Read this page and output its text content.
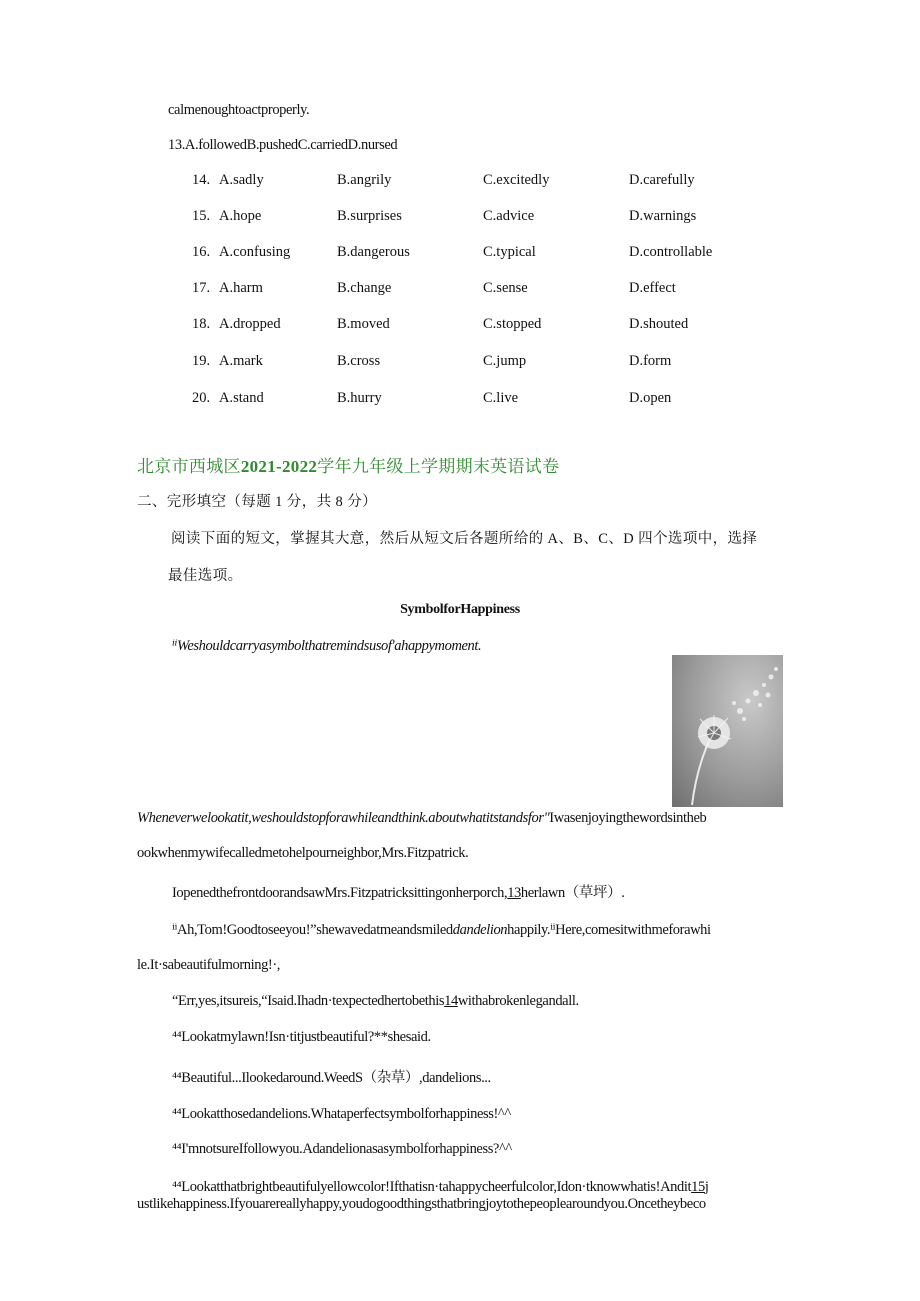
calmenoughtoactproperly.
13.A.followedB.pushedC.carriedD.nursed
14. A.sadly	B.angrily	C.excitedly	D.carefully
15. A.hope	B.surprises	C.advice	D.warnings
16. A.confusing	B.dangerous	C.typical	D.controllable
17. A.harm	B.change	C.sense	D.effect
18. A.dropped	B.moved	C.stopped	D.shouted
19. A.mark	B.cross	C.jump	D.form
20. A.stand	B.hurry	C.live	D.open
北京市西城区2021-2022学年九年级上学期期末英语试卷
二、完形填空（每题 1 分，共 8 分）
阅读下面的短文，掌握其大意，然后从短文后各题所给的 A、B、C、D 四个选项中，选择
最佳选项。
SymbolforHappiness
ⁱⁱWeshouldcarryasymbolthatremindsusof'ahappymoment.
Wheneverwelookatit,weshouldstopforawhileandthink.aboutwhatitstandsfor"Iwasenjoyingthewordsintheb
ookwhenmywifecalledmetohelpourneighbor,Mrs.Fitzpatrick.
IopenedthefrontdoorandsawMrs.Fitzpatricksittingonherporch,13herlawn（草坪）.
ⁱⁱAh,Tom!Goodtoseeyou!”shewavedatmeandsmileddandelionhappily.ⁱⁱHere,comesitwithmeforawhi
le.It·sabeautifulmorning!·,
“Err,yes,itsureis,“Isaid.Ihadn·texpectedhertobethis14withabrokenlegandall.
⁴⁴Lookatmylawn!Isn·titjustbeautiful?**shesaid.
⁴⁴Beautiful...Ilookedaround.WeedS（杂草）,dandelions...
⁴⁴Lookatthosedandelions.Whataperfectsymbolforhappiness!^^
⁴⁴I'mnotsureIfollowyou.Adandelionasasymbolforhappiness?^^
⁴⁴Lookatthatbrightbeautifulyellowcolor!Ifthatisn·tahappycheerfulcolor,Idon·tknowwhatis!Andit15j
ustlikehappiness.Ifyouarereallyhappy,youdogoodthingsthatbringjoytothepeoplearoundyou.Oncetheybeco
